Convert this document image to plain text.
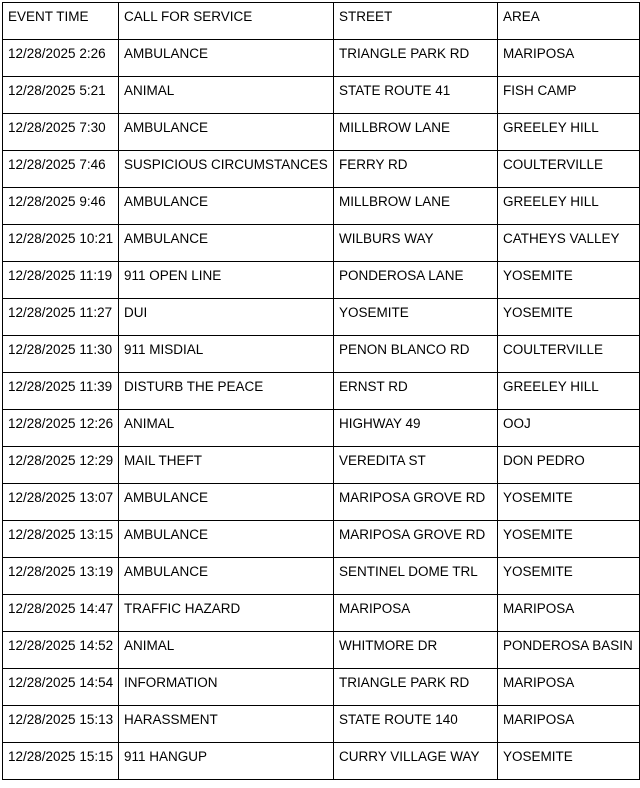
EVENT TIME	CALL FOR SERVICE	STREET	AREA

12/28/2025 2:26	AMBULANCE	TRIANGLE PARK RD	MARIPOSA

12/28/2025 5:21	ANIMAL	STATE ROUTE 41	FISH CAMP

12/28/2025 7:30	AMBULANCE	MILLBROW LANE	GREELEY HILL

12/28/2025 7:46	SUSPICIOUS CIRCUMSTANCES	FERRY RD	COULTERVILLE

12/28/2025 9:46	AMBULANCE	MILLBROW LANE	GREELEY HILL

12/28/2025 10:21	AMBULANCE	WILBURS WAY	CATHEYS VALLEY

12/28/2025 11:19	911 OPEN LINE	PONDEROSA LANE	YOSEMITE

12/28/2025 11:27	DUI	YOSEMITE	YOSEMITE

12/28/2025 11:30	911 MISDIAL	PENON BLANCO RD	COULTERVILLE

12/28/2025 11:39	DISTURB THE PEACE	ERNST RD	GREELEY HILL

12/28/2025 12:26	ANIMAL	HIGHWAY 49	OOJ

12/28/2025 12:29	MAIL THEFT	VEREDITA ST	DON PEDRO

12/28/2025 13:07	AMBULANCE	MARIPOSA GROVE RD	YOSEMITE

12/28/2025 13:15	AMBULANCE	MARIPOSA GROVE RD	YOSEMITE

12/28/2025 13:19	AMBULANCE	SENTINEL DOME TRL	YOSEMITE

12/28/2025 14:47	TRAFFIC HAZARD	MARIPOSA	MARIPOSA

12/28/2025 14:52	ANIMAL	WHITMORE DR	PONDEROSA BASIN

12/28/2025 14:54	INFORMATION	TRIANGLE PARK RD	MARIPOSA

12/28/2025 15:13	HARASSMENT	STATE ROUTE 140	MARIPOSA

12/28/2025 15:15	911 HANGUP	CURRY VILLAGE WAY	YOSEMITE
